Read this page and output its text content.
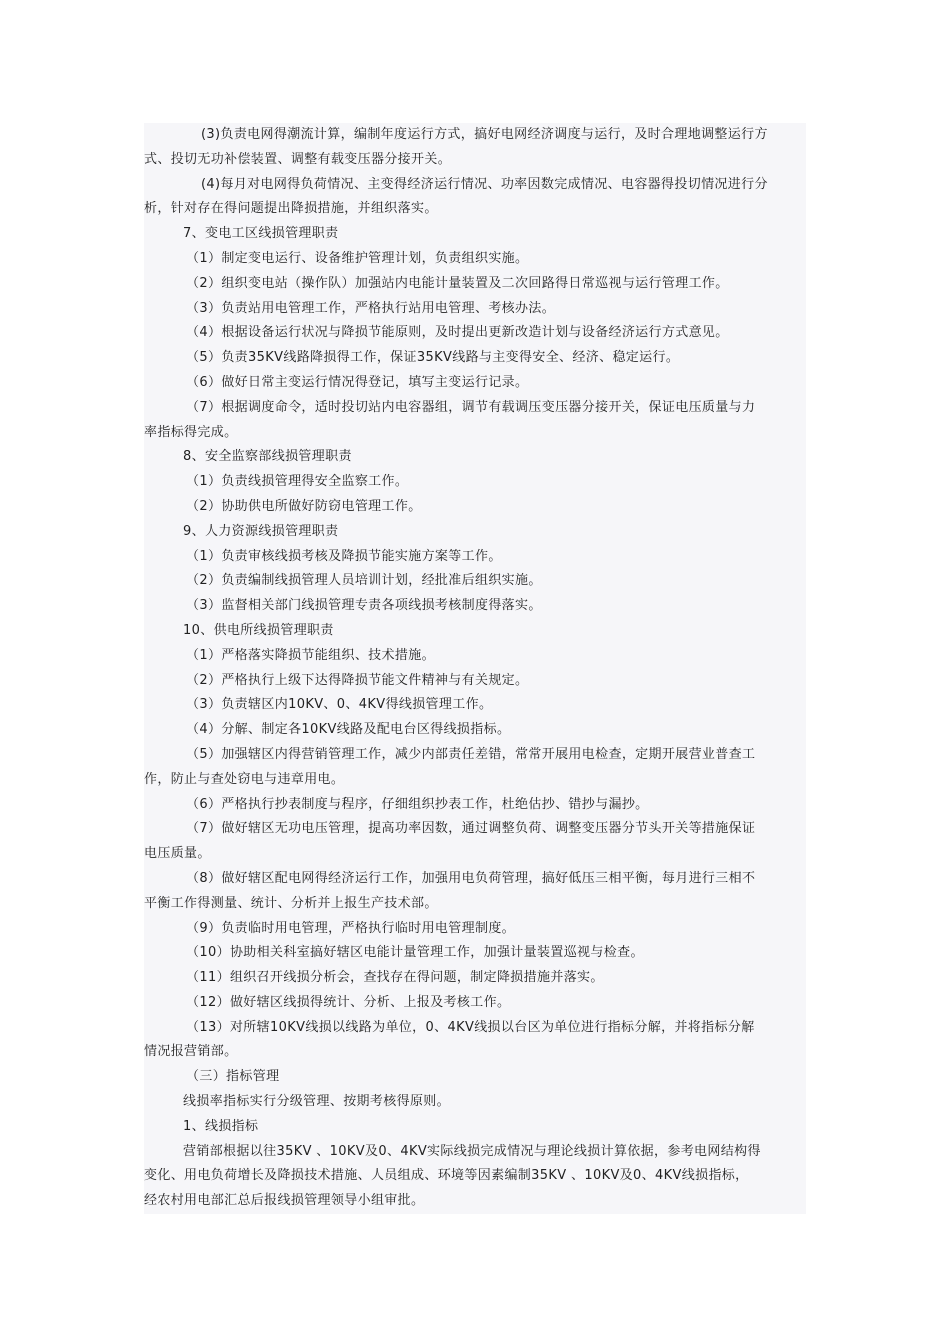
(3)负责电网得潮流计算，编制年度运行方式，搞好电网经济调度与运行，及时合理地调整运行方
式、投切无功补偿装置、调整有载变压器分接开关。
(4)每月对电网得负荷情况、主变得经济运行情况、功率因数完成情况、电容器得投切情况进行分
析，针对存在得问题提出降损措施，并组织落实。
7、变电工区线损管理职责
（1）制定变电运行、设备维护管理计划，负责组织实施。
（2）组织变电站（操作队）加强站内电能计量装置及二次回路得日常巡视与运行管理工作。
（3）负责站用电管理工作，严格执行站用电管理、考核办法。
（4）根据设备运行状况与降损节能原则，及时提出更新改造计划与设备经济运行方式意见。
（5）负责35KV线路降损得工作，保证35KV线路与主变得安全、经济、稳定运行。
（6）做好日常主变运行情况得登记，填写主变运行记录。
（7）根据调度命令，适时投切站内电容器组，调节有载调压变压器分接开关，保证电压质量与力
率指标得完成。
8、安全监察部线损管理职责
（1）负责线损管理得安全监察工作。
（2）协助供电所做好防窃电管理工作。
9、人力资源线损管理职责
（1）负责审核线损考核及降损节能实施方案等工作。
（2）负责编制线损管理人员培训计划，经批准后组织实施。
（3）监督相关部门线损管理专责各项线损考核制度得落实。
10、供电所线损管理职责
（1）严格落实降损节能组织、技术措施。
（2）严格执行上级下达得降损节能文件精神与有关规定。
（3）负责辖区内10KV、0、4KV得线损管理工作。
（4）分解、制定各10KV线路及配电台区得线损指标。
（5）加强辖区内得营销管理工作，减少内部责任差错，常常开展用电检查，定期开展营业普查工
作，防止与查处窃电与违章用电。
（6）严格执行抄表制度与程序，仔细组织抄表工作，杜绝估抄、错抄与漏抄。
（7）做好辖区无功电压管理，提高功率因数，通过调整负荷、调整变压器分节头开关等措施保证
电压质量。
（8）做好辖区配电网得经济运行工作，加强用电负荷管理，搞好低压三相平衡，每月进行三相不
平衡工作得测量、统计、分析并上报生产技术部。
（9）负责临时用电管理，严格执行临时用电管理制度。
（10）协助相关科室搞好辖区电能计量管理工作，加强计量装置巡视与检查。
（11）组织召开线损分析会，查找存在得问题，制定降损措施并落实。
（12）做好辖区线损得统计、分析、上报及考核工作。
（13）对所辖10KV线损以线路为单位，0、4KV线损以台区为单位进行指标分解，并将指标分解
情况报营销部。
（三）指标管理
线损率指标实行分级管理、按期考核得原则。
1、线损指标
营销部根据以往35KV 、10KV及0、4KV实际线损完成情况与理论线损计算依据，参考电网结构得
变化、用电负荷增长及降损技术措施、人员组成、环境等因素编制35KV 、10KV及0、4KV线损指标，
经农村用电部汇总后报线损管理领导小组审批。
